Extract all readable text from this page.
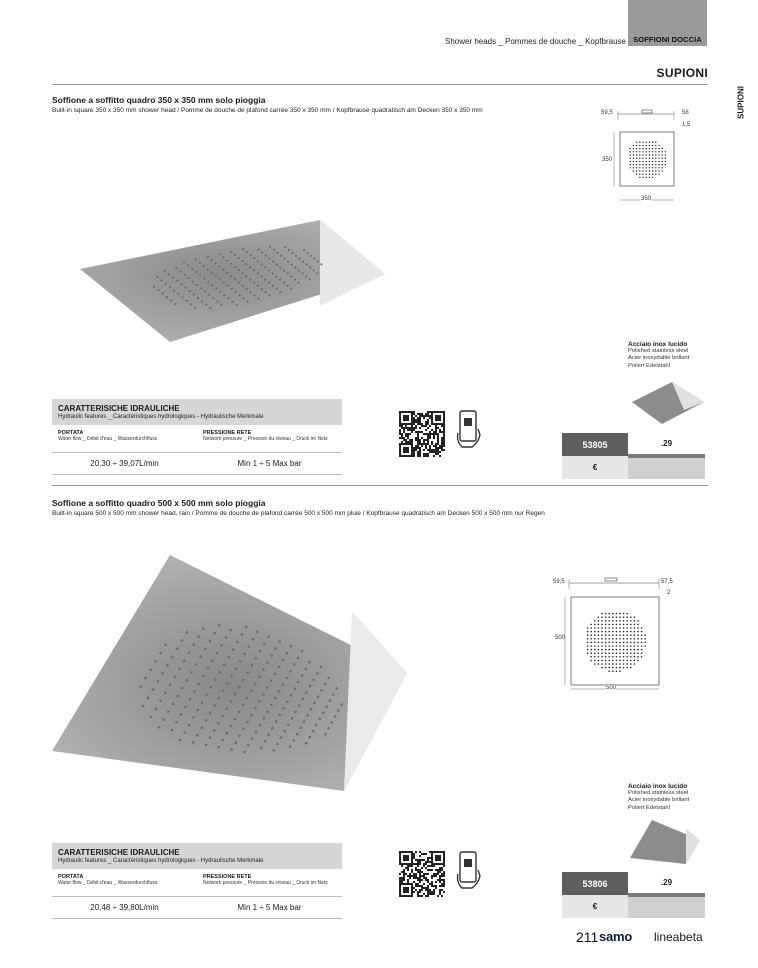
Shower heads _ Pommes de douche _ Kopfbrause SOFFIONI DOCCIA
SUPIONI
SUPIONI
Soffione a soffitto quadro 350 x 350 mm solo pioggia
Built-in square 350 x 350 mm shower head / Pomme de douche de plafond carrée 350 x 350 mm / Kopfbrause quadratisch am Decken 350 x 350 mm	59,5	58
1,5
350
350
Acciaio inox lucido
Polished stainless steel
Acier inoxydable brillant
Poliert Edelstahl
CARATTERISICHE IDRAULICHE
Hydraulic features _ Caractéristiques hydrologiques - Hydraulische Merkmale
PORTATA
Water flow _ Débit d'eau _ Wasserdurchfluss
PRESSIONE RETE
Network pressure _ Pression du réseau _ Druck im Netz
20,30 ÷ 39,07L/min	Min 1 ÷ 5 Max bar
53805	.29
€
Soffione a soffitto quadro 500 x 500 mm solo pioggia
Built-in square 500 x 500 mm shower head, rain / Pomme de douche de plafond carrée 500 x 500 mm pluie / Kopfbrause quadratisch am Decken 500 x 500 mm nur Regen
59,5	57,5
2
500
500
Acciaio inox lucido
Polished stainless steel
Acier inoxydable brillant
Poliert Edelstahl
CARATTERISICHE IDRAULICHE
Hydraulic features _ Caractéristiques hydrologiques - Hydraulische Merkmale
PORTATA
Water flow _ Débit d'eau _ Wasserdurchfluss
PRESSIONE RETE
Network pressure _ Pression du réseau _ Druck im Netz
20,48 ÷ 39,80L/min	Min 1 ÷ 5 Max bar
53806	.29
€
211 samo lineabeta
